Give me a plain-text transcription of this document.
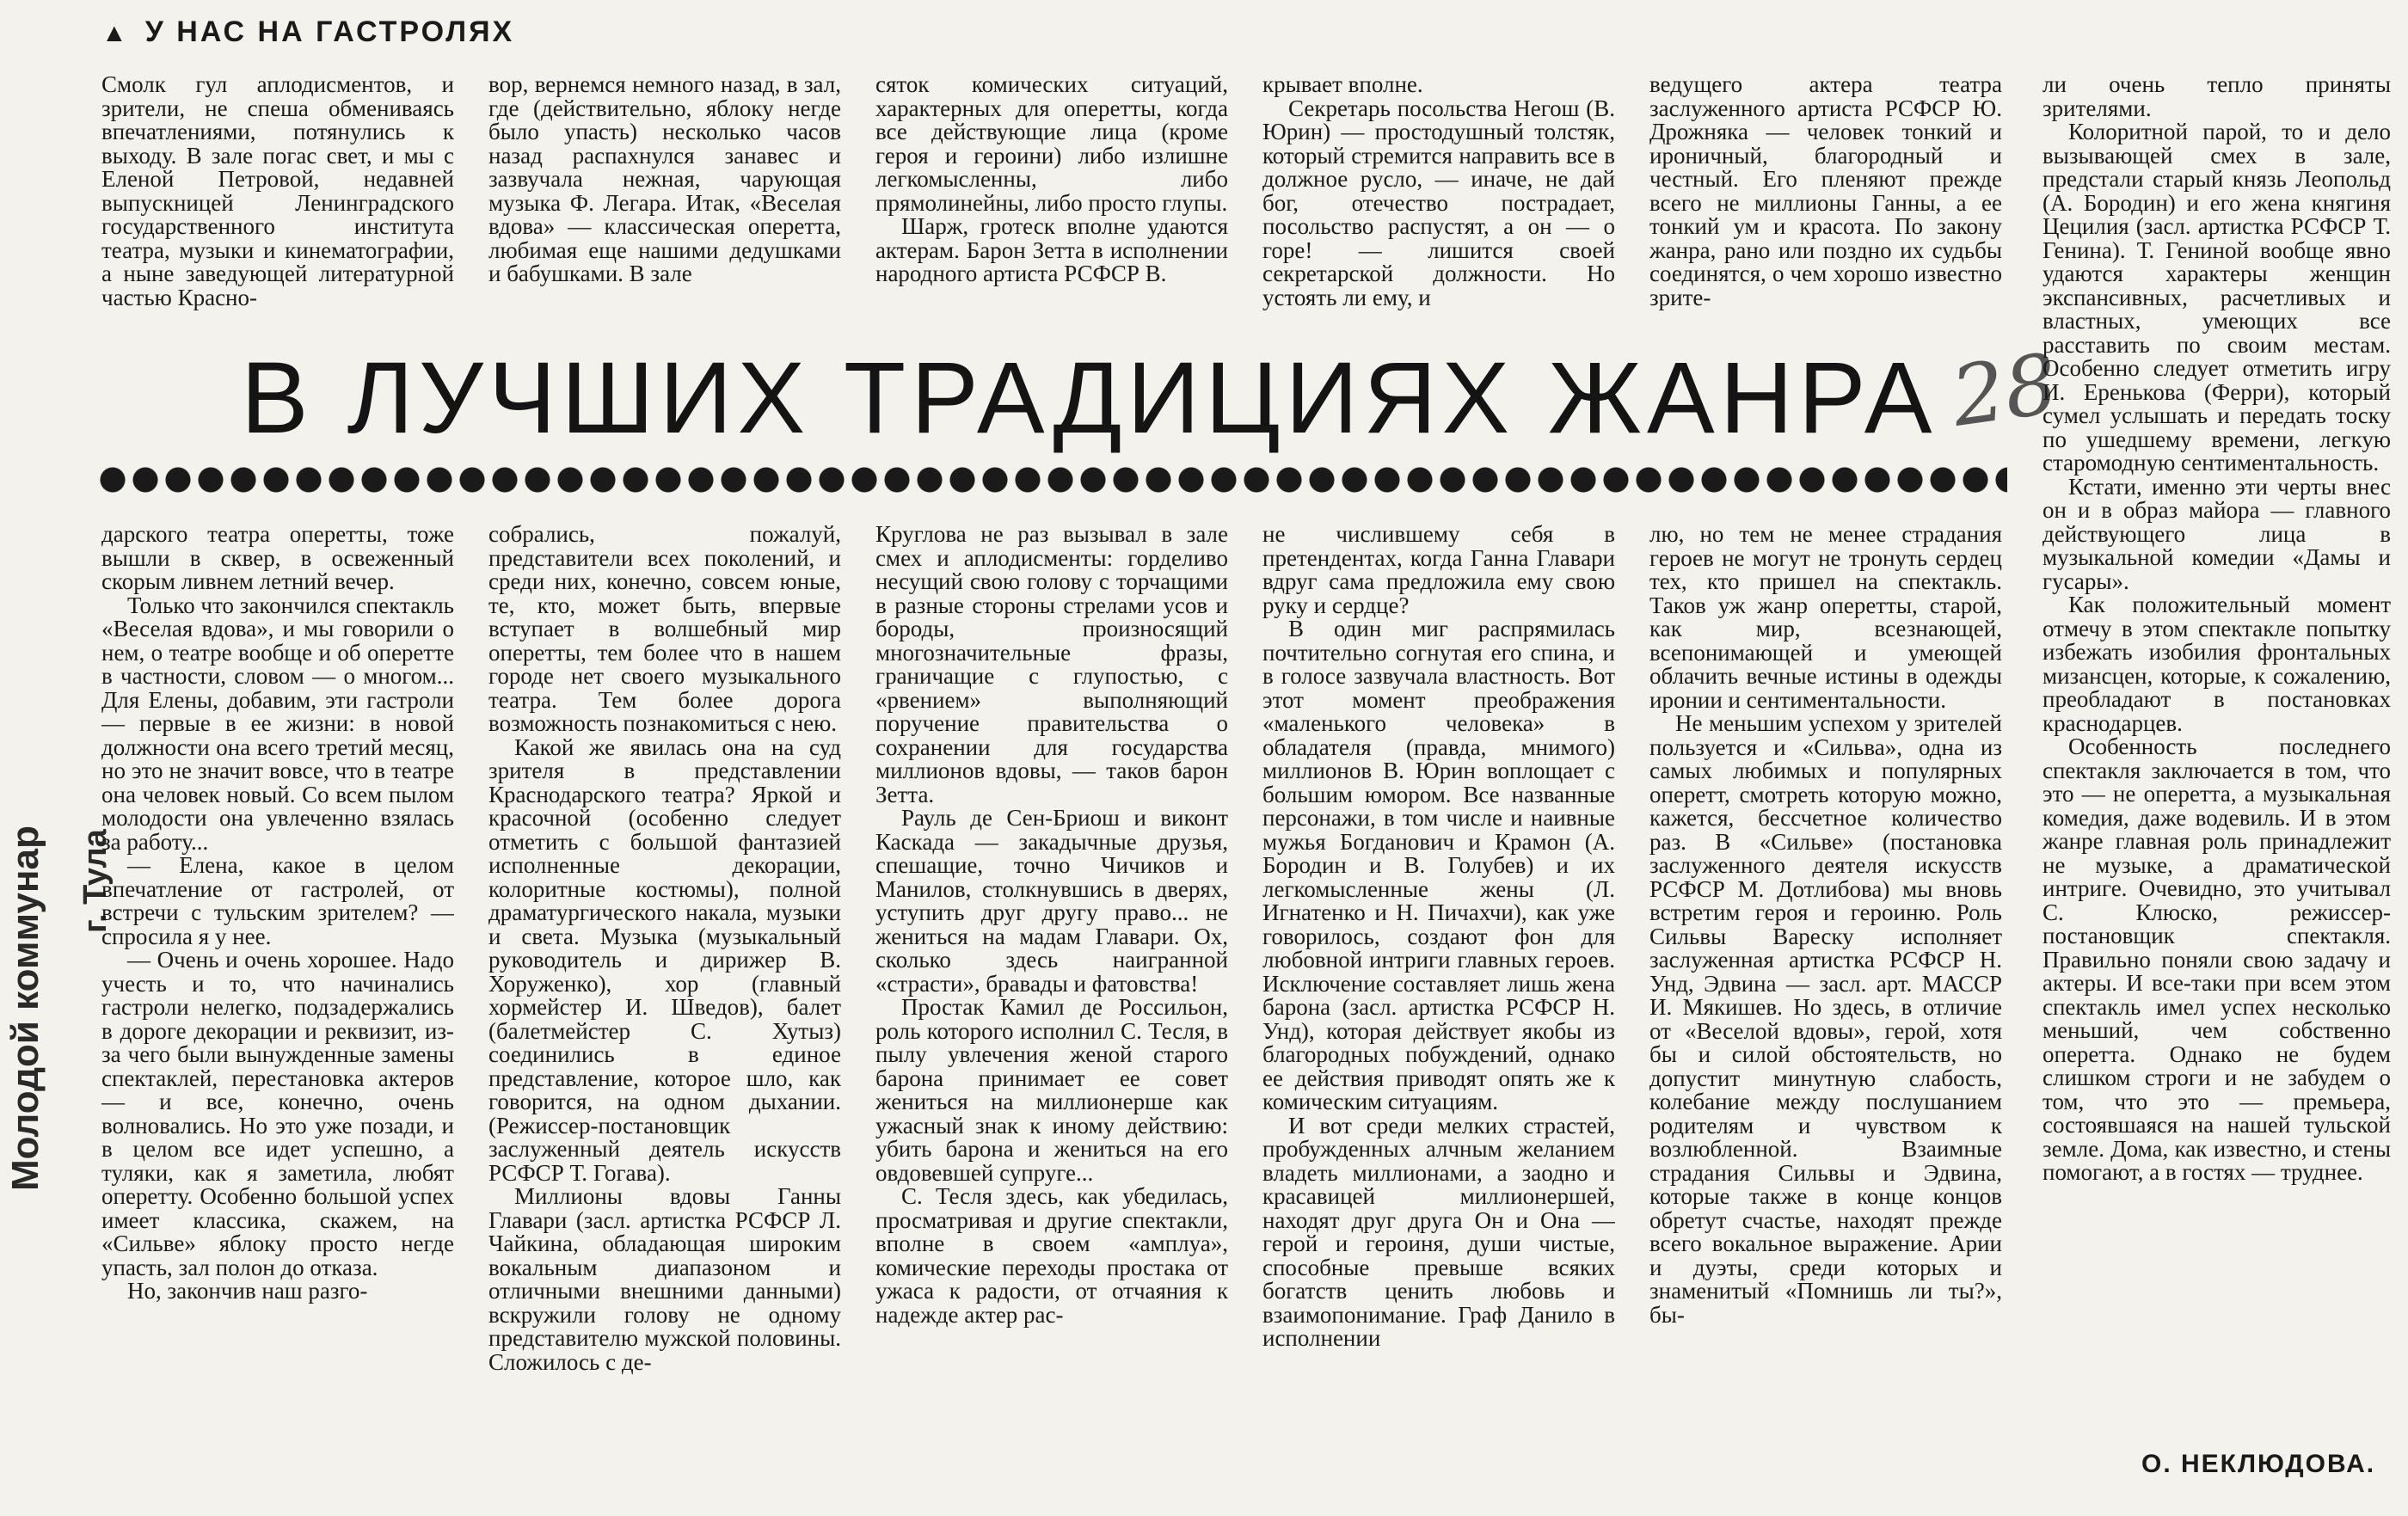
▲ У НАС НА ГАСТРОЛЯХ
Молодой коммунар г. Тула

Смолк гул аплодисментов, и зрители, не спеша обмениваясь впечатлениями, потянулись к выходу. В зале погас свет, и мы с Еленой Петровой, недавней выпускницей Ленинградского государственного института театра, музыки и кинематографии, а ныне заведующей литературной частью Красно-

вор, вернемся немного назад, в зал, где (действительно, яблоку негде было упасть) несколько часов назад распахнулся занавес и зазвучала нежная, чарующая музыка Ф. Легара. Итак, «Веселая вдова» — классическая оперетта, любимая еще нашими дедушками и бабушками. В зале

сяток комических ситуаций, характерных для оперетты, когда все действующие лица (кроме героя и героини) либо излишне легкомысленны, либо прямолинейны, либо просто глупы.

Шарж, гротеск вполне удаются актерам. Барон Зетта в исполнении народного артиста РСФСР В.

крывает вполне.

Секретарь посольства Негош (В. Юрин) — простодушный толстяк, который стремится направить все в должное русло, — иначе, не дай бог, отечество пострадает, посольство распустят, а он — о горе! — лишится своей секретарской должности. Но устоять ли ему, и

ведущего актера театра заслуженного артиста РСФСР Ю. Дрожняка — человек тонкий и ироничный, благородный и честный. Его пленяют прежде всего не миллионы Ганны, а ее тонкий ум и красота. По закону жанра, рано или поздно их судьбы соединятся, о чем хорошо известно зрите-

В ЛУЧШИХ ТРАДИЦИЯХ ЖАНРА 28

дарского театра оперетты, тоже вышли в сквер, в освеженный скорым ливнем летний вечер.

Только что закончился спектакль «Веселая вдова», и мы говорили о нем, о театре вообще и об оперетте в частности, словом — о многом... Для Елены, добавим, эти гастроли — первые в ее жизни: в новой должности она всего третий месяц, но это не значит вовсе, что в театре она человек новый. Со всем пылом молодости она увлеченно взялась за работу...

— Елена, какое в целом впечатление от гастролей, от встречи с тульским зрителем? — спросила я у нее.

— Очень и очень хорошее. Надо учесть и то, что начинались гастроли нелегко, подзадержались в дороге декорации и реквизит, из-за чего были вынужденные замены спектаклей, перестановка актеров — и все, конечно, очень волновались. Но это уже позади, и в целом все идет успешно, а туляки, как я заметила, любят оперетту. Особенно большой успех имеет классика, скажем, на «Сильве» яблоку просто негде упасть, зал полон до отказа.

Но, закончив наш разго-

собрались, пожалуй, представители всех поколений, и среди них, конечно, совсем юные, те, кто, может быть, впервые вступает в волшебный мир оперетты, тем более что в нашем городе нет своего музыкального театра. Тем более дорога возможность познакомиться с нею.

Какой же явилась она на суд зрителя в представлении Краснодарского театра? Яркой и красочной (особенно следует отметить с большой фантазией исполненные декорации, колоритные костюмы), полной драматургического накала, музыки и света. Музыка (музыкальный руководитель и дирижер В. Хоруженко), хор (главный хормейстер И. Шведов), балет (балетмейстер С. Хутыз) соединились в единое представление, которое шло, как говорится, на одном дыхании. (Режиссер-постановщик заслуженный деятель искусств РСФСР Т. Гогава).

Миллионы вдовы Ганны Главари (засл. артистка РСФСР Л. Чайкина, обладающая широким вокальным диапазоном и отличными внешними данными) вскружили голову не одному представителю мужской половины. Сложилось с де-

Круглова не раз вызывал в зале смех и аплодисменты: горделиво несущий свою голову с торчащими в разные стороны стрелами усов и бороды, произносящий многозначительные фразы, граничащие с глупостью, с «рвением» выполняющий поручение правительства о сохранении для государства миллионов вдовы, — таков барон Зетта.

Рауль де Сен-Бриош и виконт Каскада — закадычные друзья, спешащие, точно Чичиков и Манилов, столкнувшись в дверях, уступить друг другу право... не жениться на мадам Главари. Ох, сколько здесь наигранной «страсти», бравады и фатовства!

Простак Камил де Россильон, роль которого исполнил С. Тесля, в пылу увлечения женой старого барона принимает ее совет жениться на миллионерше как ужасный знак к иному действию: убить барона и жениться на его овдовевшей супруге...

С. Тесля здесь, как убедилась, просматривая и другие спектакли, вполне в своем «амплуа», комические переходы простака от ужаса к радости, от отчаяния к надежде актер рас-

не числившему себя в претендентах, когда Ганна Главари вдруг сама предложила ему свою руку и сердце?

В один миг распрямилась почтительно согнутая его спина, и в голосе зазвучала властность. Вот этот момент преображения «маленького человека» в обладателя (правда, мнимого) миллионов В. Юрин воплощает с большим юмором. Все названные персонажи, в том числе и наивные мужья Богданович и Крамон (А. Бородин и В. Голубев) и их легкомысленные жены (Л. Игнатенко и Н. Пичахчи), как уже говорилось, создают фон для любовной интриги главных героев. Исключение составляет лишь жена барона (засл. артистка РСФСР Н. Унд), которая действует якобы из благородных побуждений, однако ее действия приводят опять же к комическим ситуациям.

И вот среди мелких страстей, пробужденных алчным желанием владеть миллионами, а заодно и красавицей миллионершей, находят друг друга Он и Она — герой и героиня, души чистые, способные превыше всяких богатств ценить любовь и взаимопонимание. Граф Данило в исполнении

лю, но тем не менее страдания героев не могут не тронуть сердец тех, кто пришел на спектакль. Таков уж жанр оперетты, старой, как мир, всезнающей, всепонимающей и умеющей облачить вечные истины в одежды иронии и сентиментальности.

Не меньшим успехом у зрителей пользуется и «Сильва», одна из самых любимых и популярных оперетт, смотреть которую можно, кажется, бессчетное количество раз. В «Сильве» (постановка заслуженного деятеля искусств РСФСР М. Дотлибова) мы вновь встретим героя и героиню. Роль Сильвы Вареску исполняет заслуженная артистка РСФСР Н. Унд, Эдвина — засл. арт. МАССР И. Мякишев. Но здесь, в отличие от «Веселой вдовы», герой, хотя бы и силой обстоятельств, но допустит минутную слабость, колебание между послушанием родителям и чувством к возлюбленной. Взаимные страдания Сильвы и Эдвина, которые также в конце концов обретут счастье, находят прежде всего вокальное выражение. Арии и дуэты, среди которых и знаменитый «Помнишь ли ты?», бы-

ли очень тепло приняты зрителями.

Колоритной парой, то и дело вызывающей смех в зале, предстали старый князь Леопольд (А. Бородин) и его жена княгиня Цецилия (засл. артистка РСФСР Т. Генина). Т. Гениной вообще явно удаются характеры женщин экспансивных, расчетливых и властных, умеющих все расставить по своим местам. Особенно следует отметить игру И. Еренькова (Ферри), который сумел услышать и передать тоску по ушедшему времени, легкую старомодную сентиментальность.

Кстати, именно эти черты внес он и в образ майора — главного действующего лица в музыкальной комедии «Дамы и гусары».

Как положительный момент отмечу в этом спектакле попытку избежать изобилия фронтальных мизансцен, которые, к сожалению, преобладают в постановках краснодарцев.

Особенность последнего спектакля заключается в том, что это — не оперетта, а музыкальная комедия, даже водевиль. И в этом жанре главная роль принадлежит не музыке, а драматической интриге. Очевидно, это учитывал С. Клюско, режиссер-постановщик спектакля. Правильно поняли свою задачу и актеры. И все-таки при всем этом спектакль имел успех несколько меньший, чем собственно оперетта. Однако не будем слишком строги и не забудем о том, что это — премьера, состоявшаяся на нашей тульской земле. Дома, как известно, и стены помогают, а в гостях — труднее.

О. НЕКЛЮДОВА.
